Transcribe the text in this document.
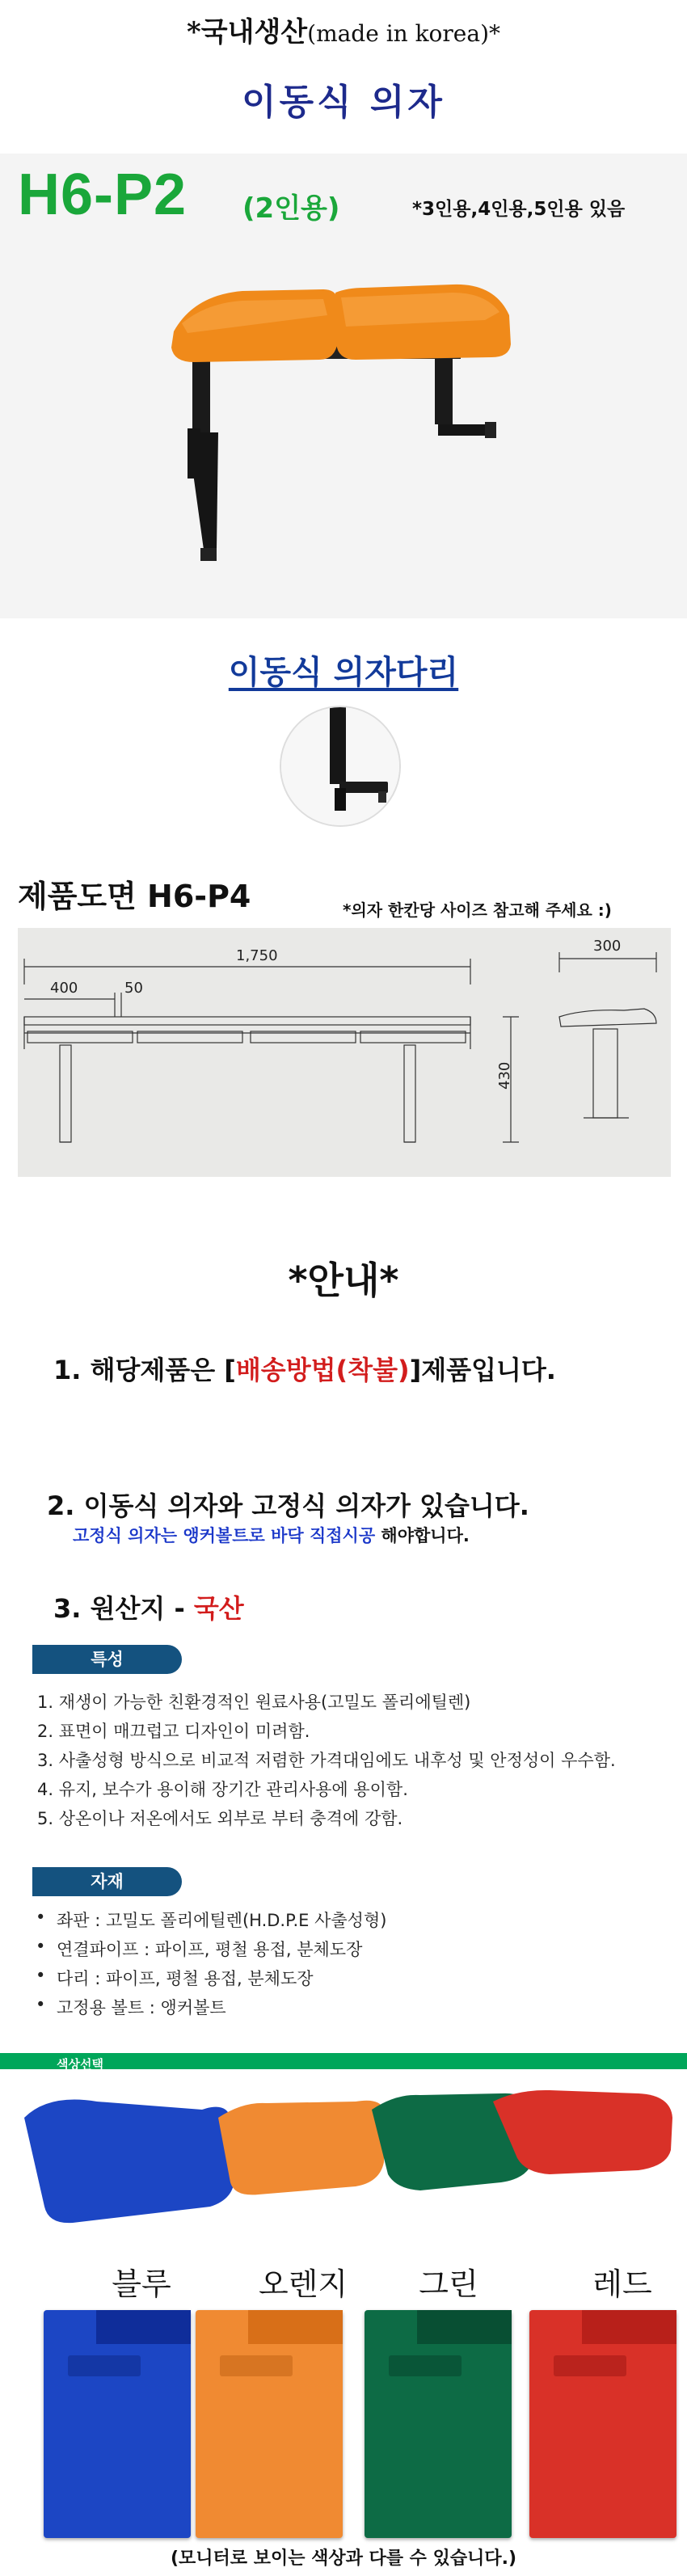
*국내생산(made in korea)*
이동식 의자
H6-P2 (2인용)	*3인용,4인용,5인용 있음
이동식 의자다리
제품도면 H6-P4	*의자 한칸당 사이즈 참고해 주세요 :)
1,750
400	50
300
430
*안내*
1. 해당제품은 [배송방법(착불)]제품입니다.
2. 이동식 의자와 고정식 의자가 있습니다.
고정식 의자는 앵커볼트로 바닥 직접시공 해야합니다.
3. 원산지 - 국산
특성
1. 재생이 가능한 친환경적인 원료사용(고밀도 폴리에틸렌)
2. 표면이 매끄럽고 디자인이 미려함.
3. 사출성형 방식으로 비교적 저렴한 가격대임에도 내후성 및 안정성이 우수함.
4. 유지, 보수가 용이해 장기간 관리사용에 용이함.
5. 상온이나 저온에서도 외부로 부터 충격에 강함.
자재
• 좌판 : 고밀도 폴리에틸렌(H.D.P.E 사출성형)
• 연결파이프 : 파이프, 평철 용접, 분체도장
• 다리 : 파이프, 평철 용접, 분체도장
• 고정용 볼트 : 앵커볼트
색상선택
블루	오렌지	그린	레드
(모니터로 보이는 색상과 다를 수 있습니다.)
